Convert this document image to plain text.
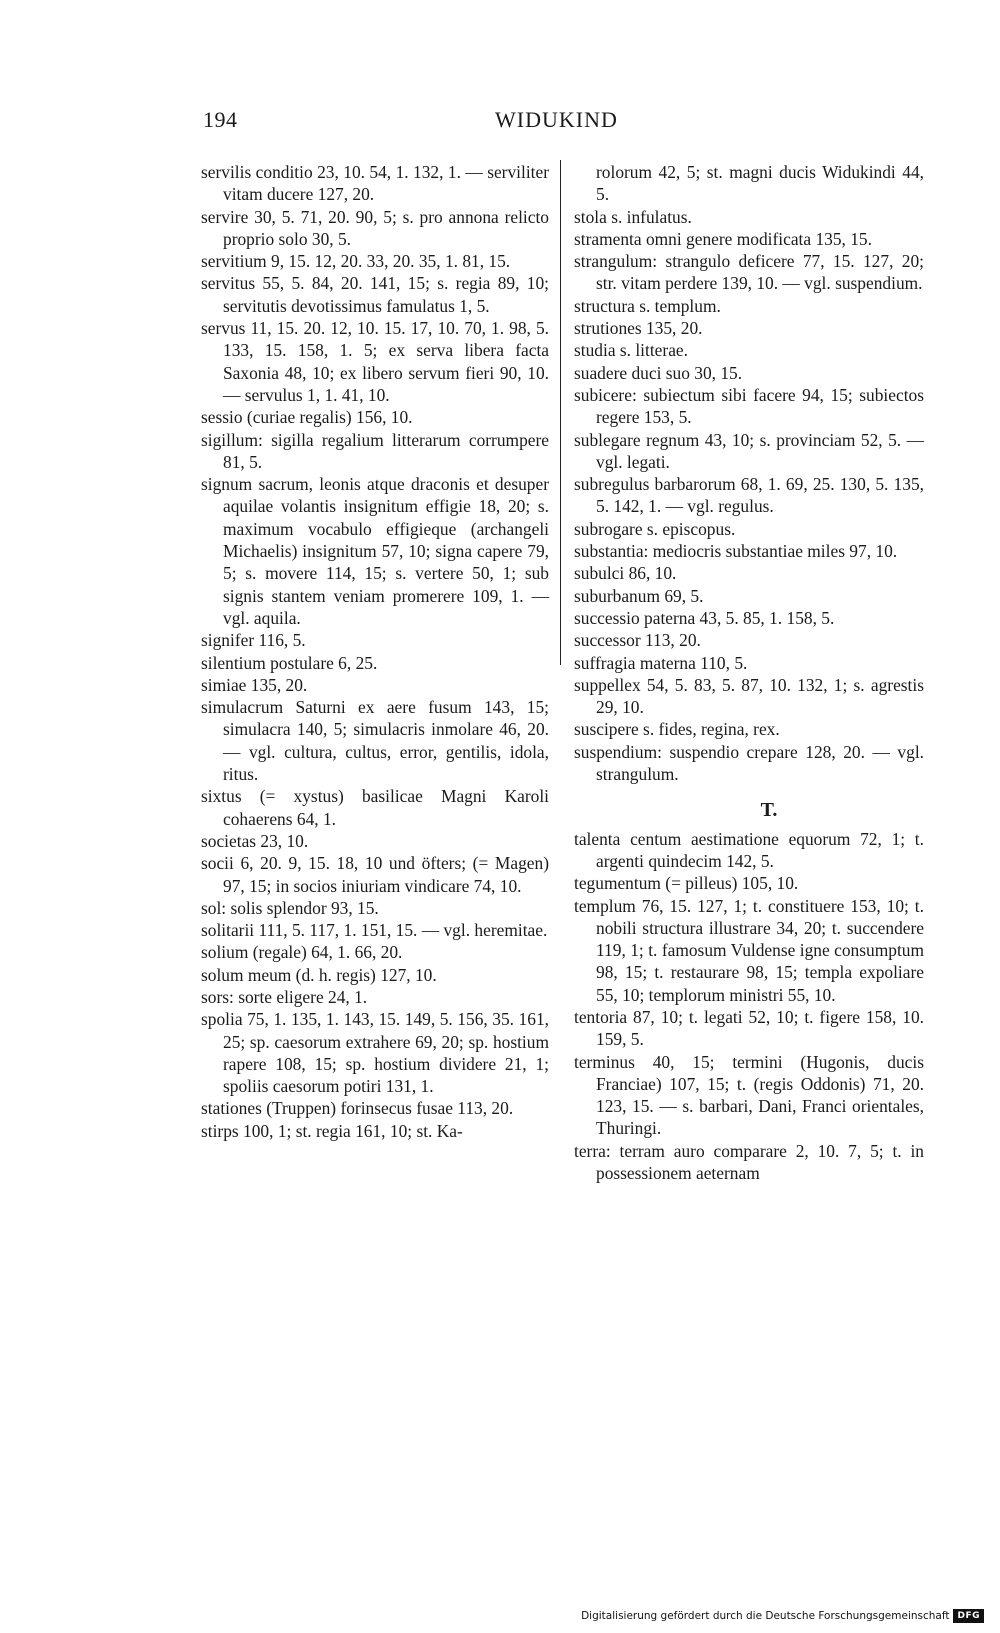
194	WIDUKIND

servilis conditio 23, 10. 54, 1. 132, 1. — serviliter vitam ducere 127, 20.

servire 30, 5. 71, 20. 90, 5; s. pro annona relicto proprio solo 30, 5.

servitium 9, 15. 12, 20. 33, 20. 35, 1. 81, 15.

servitus 55, 5. 84, 20. 141, 15; s. regia 89, 10; servitutis devotissimus famulatus 1, 5.

servus 11, 15. 20. 12, 10. 15. 17, 10. 70, 1. 98, 5. 133, 15. 158, 1. 5; ex serva libera facta Saxonia 48, 10; ex libero servum fieri 90, 10. — servulus 1, 1. 41, 10.

sessio (curiae regalis) 156, 10.

sigillum: sigilla regalium litterarum corrumpere 81, 5.

signum sacrum, leonis atque draconis et desuper aquilae volantis insignitum effigie 18, 20; s. maximum vocabulo effigieque (archangeli Michaelis) insignitum 57, 10; signa capere 79, 5; s. movere 114, 15; s. vertere 50, 1; sub signis stantem veniam promerere 109, 1. — vgl. aquila.

signifer 116, 5.

silentium postulare 6, 25.

simiae 135, 20.

simulacrum Saturni ex aere fusum 143, 15; simulacra 140, 5; simulacris inmolare 46, 20. — vgl. cultura, cultus, error, gentilis, idola, ritus.

sixtus (= xystus) basilicae Magni Karoli cohaerens 64, 1.

societas 23, 10.

socii 6, 20. 9, 15. 18, 10 und öfters; (= Magen) 97, 15; in socios iniuriam vindicare 74, 10.

sol: solis splendor 93, 15.

solitarii 111, 5. 117, 1. 151, 15. — vgl. heremitae.

solium (regale) 64, 1. 66, 20.

solum meum (d. h. regis) 127, 10.

sors: sorte eligere 24, 1.

spolia 75, 1. 135, 1. 143, 15. 149, 5. 156, 35. 161, 25; sp. caesorum extrahere 69, 20; sp. hostium rapere 108, 15; sp. hostium dividere 21, 1; spoliis caesorum potiri 131, 1.

stationes (Truppen) forinsecus fusae 113, 20.

stirps 100, 1; st. regia 161, 10; st. Ka-

rolorum 42, 5; st. magni ducis Widukindi 44, 5.

stola s. infulatus.

stramenta omni genere modificata 135, 15.

strangulum: strangulo deficere 77, 15. 127, 20; str. vitam perdere 139, 10. — vgl. suspendium.

structura s. templum.

strutiones 135, 20.

studia s. litterae.

suadere duci suo 30, 15.

subicere: subiectum sibi facere 94, 15; subiectos regere 153, 5.

sublegare regnum 43, 10; s. provinciam 52, 5. — vgl. legati.

subregulus barbarorum 68, 1. 69, 25. 130, 5. 135, 5. 142, 1. — vgl. regulus.

subrogare s. episcopus.

substantia: mediocris substantiae miles 97, 10.

subulci 86, 10.

suburbanum 69, 5.

successio paterna 43, 5. 85, 1. 158, 5.

successor 113, 20.

suffragia materna 110, 5.

suppellex 54, 5. 83, 5. 87, 10. 132, 1; s. agrestis 29, 10.

suscipere s. fides, regina, rex.

suspendium: suspendio crepare 128, 20. — vgl. strangulum.

T.

talenta centum aestimatione equorum 72, 1; t. argenti quindecim 142, 5.

tegumentum (= pilleus) 105, 10.

templum 76, 15. 127, 1; t. constituere 153, 10; t. nobili structura illustrare 34, 20; t. succendere 119, 1; t. famosum Vuldense igne consumptum 98, 15; t. restaurare 98, 15; templa expoliare 55, 10; templorum ministri 55, 10.

tentoria 87, 10; t. legati 52, 10; t. figere 158, 10. 159, 5.

terminus 40, 15; termini (Hugonis, ducis Franciae) 107, 15; t. (regis Oddonis) 71, 20. 123, 15. — s. barbari, Dani, Franci orientales, Thuringi.

terra: terram auro comparare 2, 10. 7, 5; t. in possessionem aeternam

Digitalisierung gefördert durch die Deutsche Forschungsgemeinschaft DFG
